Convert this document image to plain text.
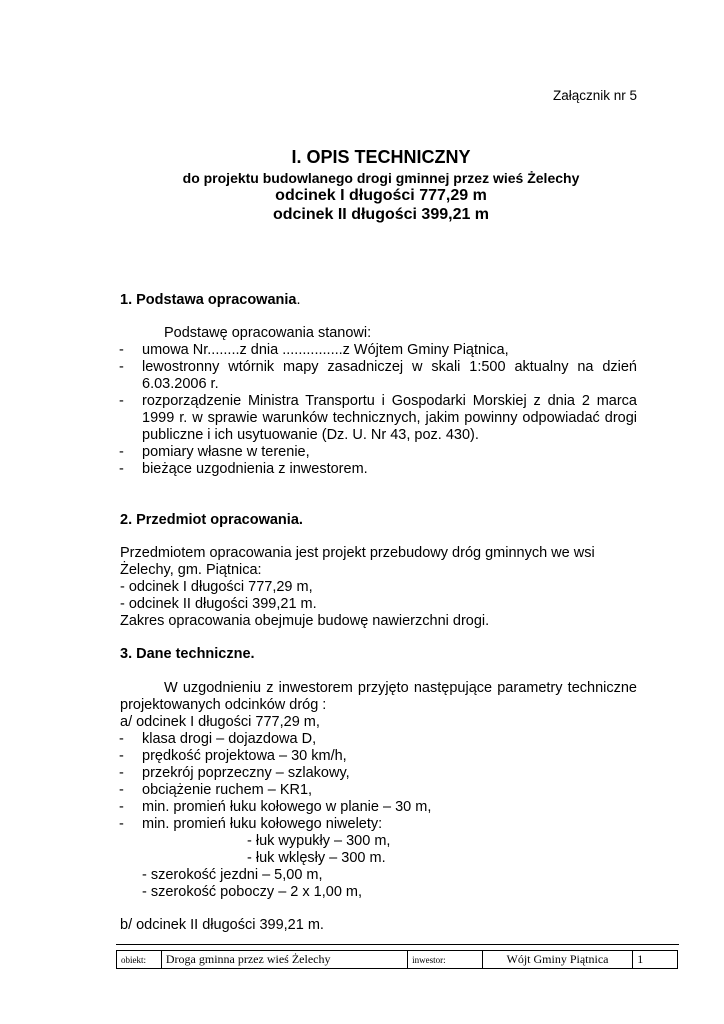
Załącznik nr 5
I. OPIS TECHNICZNY
do projektu budowlanego drogi gminnej przez wieś Żelechy
odcinek I długości 777,29 m
odcinek II długości 399,21 m
1. Podstawa opracowania.
Podstawę opracowania stanowi:
- umowa Nr........z dnia ...............z Wójtem Gminy Piątnica,
- lewostronny wtórnik mapy zasadniczej w skali 1:500 aktualny na dzień
6.03.2006 r.
- rozporządzenie Ministra Transportu i Gospodarki Morskiej z dnia 2 marca
1999 r. w sprawie warunków technicznych, jakim powinny odpowiadać drogi
publiczne i ich usytuowanie (Dz. U. Nr 43, poz. 430).
- pomiary własne w terenie,
- bieżące uzgodnienia z inwestorem.
2. Przedmiot opracowania.
Przedmiotem opracowania jest projekt przebudowy dróg gminnych we wsi
Żelechy, gm. Piątnica:
- odcinek I długości 777,29 m,
- odcinek II długości 399,21 m.
Zakres opracowania obejmuje budowę nawierzchni drogi.
3. Dane techniczne.
W uzgodnieniu z inwestorem przyjęto następujące parametry techniczne
projektowanych odcinków dróg :
a/ odcinek I długości 777,29 m,
- klasa drogi – dojazdowa D,
- prędkość projektowa – 30 km/h,
- przekrój poprzeczny – szlakowy,
- obciążenie ruchem – KR1,
- min. promień łuku kołowego w planie – 30 m,
- min. promień łuku kołowego niwelety:
- łuk wypukły – 300 m,
- łuk wklęsły – 300 m.
- szerokość jezdni – 5,00 m,
- szerokość poboczy – 2 x 1,00 m,
b/ odcinek II długości 399,21 m.
obiekt:	Droga gminna przez wieś Żelechy	inwestor:	Wójt Gminy Piątnica	1
